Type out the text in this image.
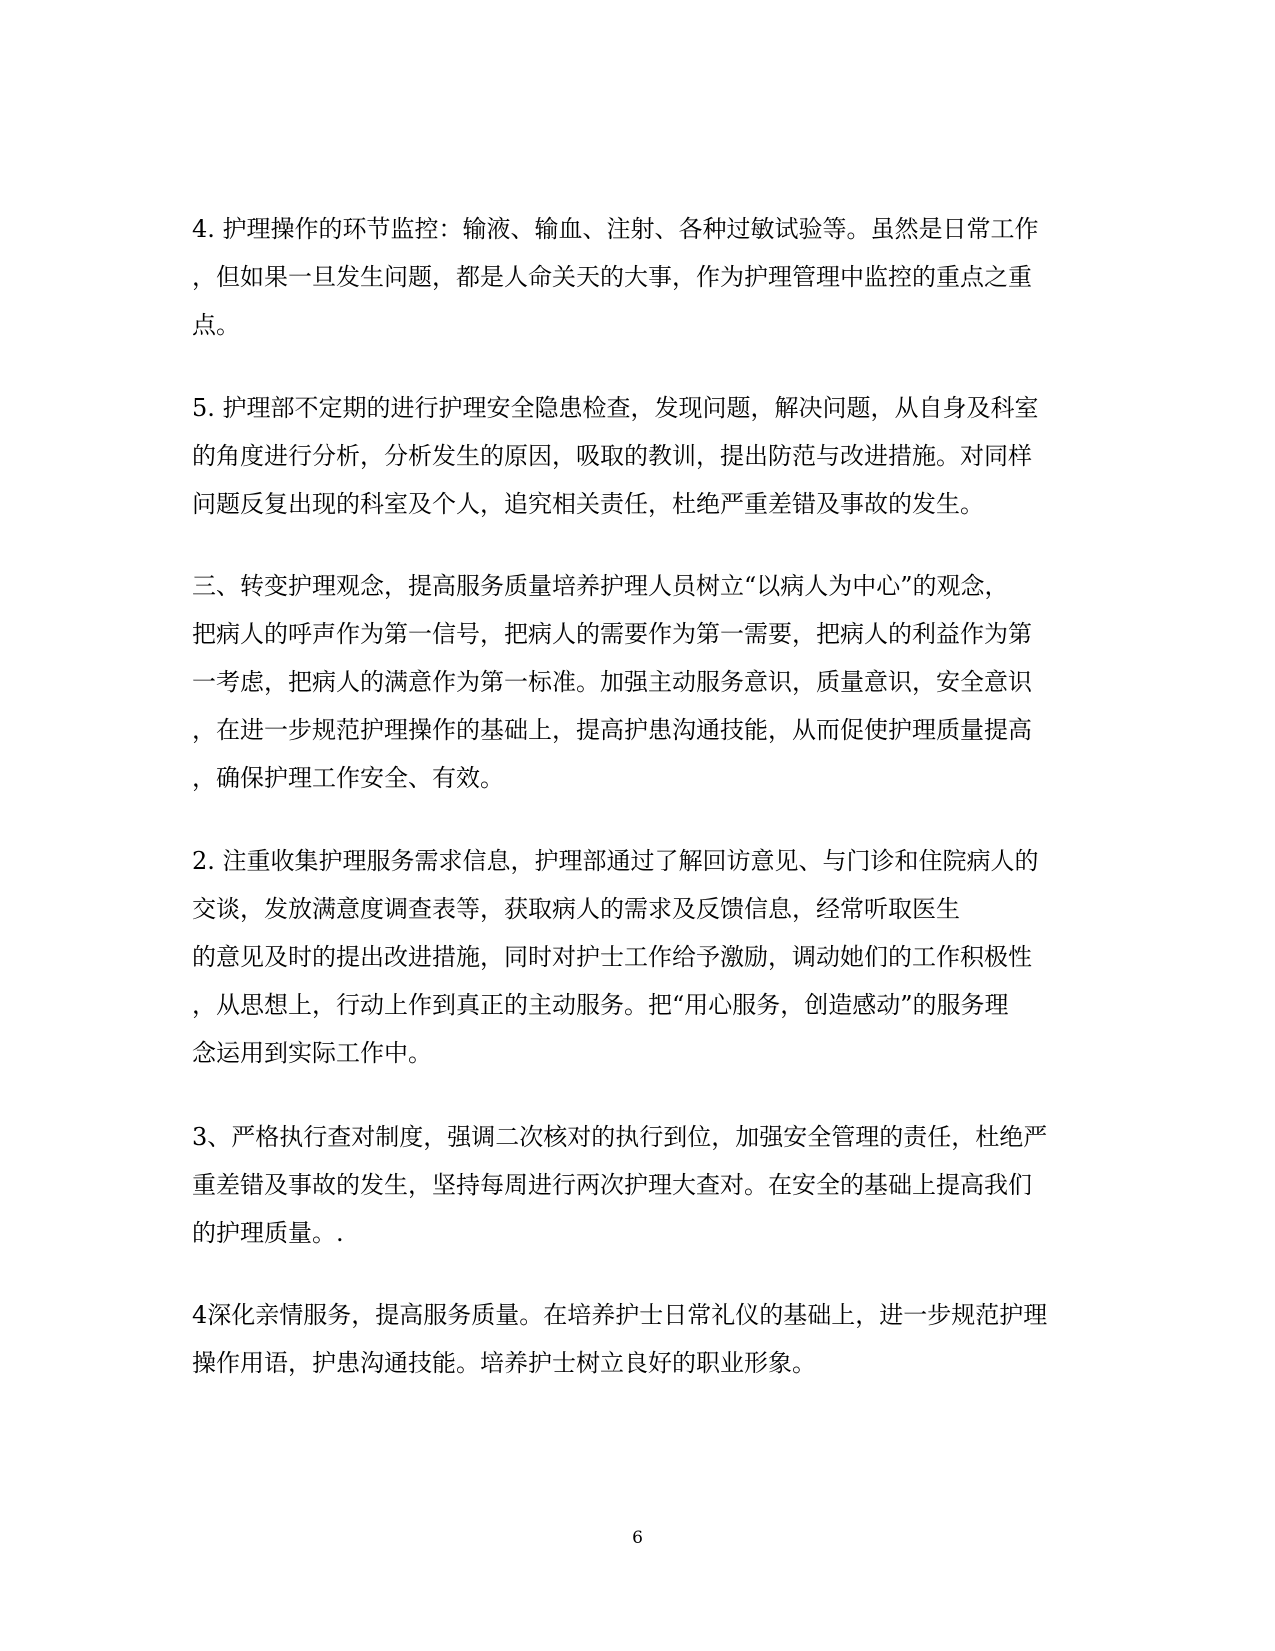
4. 护理操作的环节监控：输液、输血、注射、各种过敏试验等。虽然是日常工作
，但如果一旦发生问题，都是人命关天的大事，作为护理管理中监控的重点之重
点。
5. 护理部不定期的进行护理安全隐患检查，发现问题，解决问题，从自身及科室
的角度进行分析，分析发生的原因，吸取的教训，提出防范与改进措施。对同样
问题反复出现的科室及个人，追究相关责任，杜绝严重差错及事故的发生。
三、转变护理观念，提高服务质量培养护理人员树立“以病人为中心”的观念，
把病人的呼声作为第一信号，把病人的需要作为第一需要，把病人的利益作为第
一考虑，把病人的满意作为第一标准。加强主动服务意识，质量意识，安全意识
，在进一步规范护理操作的基础上，提高护患沟通技能，从而促使护理质量提高
，确保护理工作安全、有效。
2. 注重收集护理服务需求信息，护理部通过了解回访意见、与门诊和住院病人的
交谈，发放满意度调查表等，获取病人的需求及反馈信息，经常听取医生
的意见及时的提出改进措施，同时对护士工作给予激励，调动她们的工作积极性
，从思想上，行动上作到真正的主动服务。把“用心服务，创造感动”的服务理
念运用到实际工作中。
3、严格执行查对制度，强调二次核对的执行到位，加强安全管理的责任，杜绝严
重差错及事故的发生，坚持每周进行两次护理大查对。在安全的基础上提高我们
的护理质量。.
4深化亲情服务，提高服务质量。在培养护士日常礼仪的基础上，进一步规范护理
操作用语，护患沟通技能。培养护士树立良好的职业形象。
6
